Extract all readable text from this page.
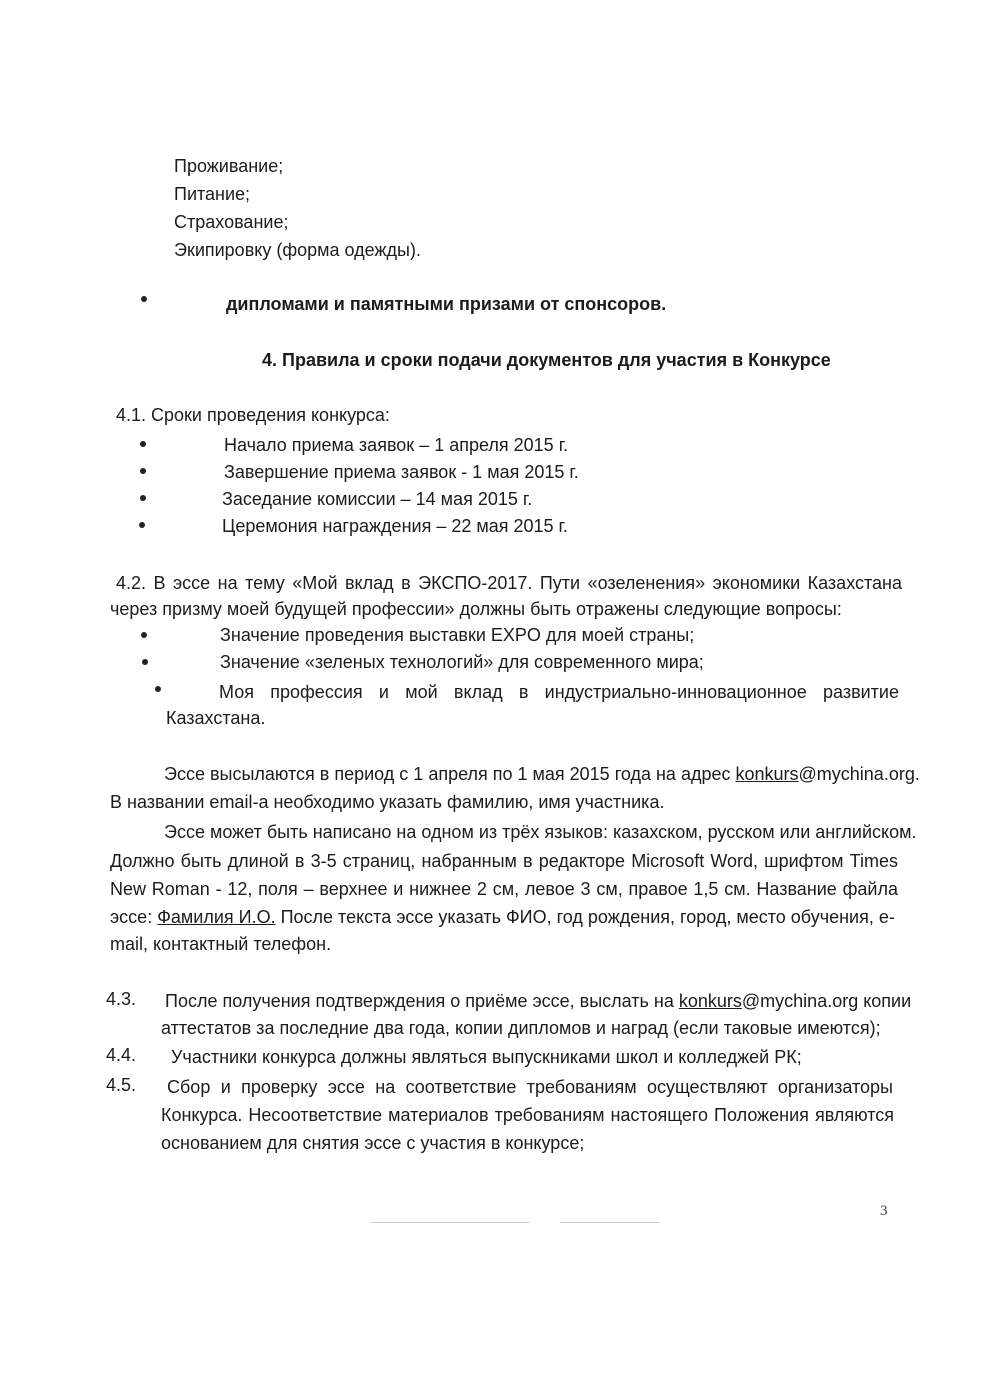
Проживание;
Питание;
Страхование;
Экипировку (форма одежды).
дипломами и памятными призами от спонсоров.
4. Правила и сроки подачи документов для участия в Конкурсе
4.1. Сроки проведения конкурса:
Начало приема заявок – 1 апреля 2015 г.
Завершение приема заявок - 1 мая 2015 г.
Заседание комиссии – 14 мая 2015 г.
Церемония награждения – 22 мая 2015 г.
4.2. В эссе на тему «Мой вклад в ЭКСПО-2017. Пути «озеленения» экономики Казахстана
через призму моей будущей профессии» должны быть отражены следующие вопросы:
Значение проведения выставки EXPO для моей страны;
Значение «зеленых технологий» для современного мира;
Моя профессия и мой вклад в индустриально-инновационное развитие
Казахстана.
Эссе высылаются в период с 1 апреля по 1 мая 2015 года на адрес konkurs@mychina.org.
В названии email-а необходимо указать фамилию, имя участника.
Эссе может быть написано на одном из трёх языков: казахском, русском или английском.
Должно быть длиной в 3-5 страниц, набранным в редакторе Microsoft Word, шрифтом Times
New Roman - 12, поля – верхнее и нижнее 2 см, левое 3 см, правое 1,5 см. Название файла
эссе: Фамилия И.О. После текста эссе указать ФИО, год рождения, город, место обучения, е-
mail, контактный телефон.
4.3. После получения подтверждения о приёме эссе, выслать на konkurs@mychina.org копии
аттестатов за последние два года, копии дипломов и наград (если таковые имеются);
4.4. Участники конкурса должны являться выпускниками школ и колледжей РК;
4.5. Сбор и проверку эссе на соответствие требованиям осуществляют организаторы
Конкурса. Несоответствие материалов требованиям настоящего Положения являются
основанием для снятия эссе с участия в конкурсе;
3
